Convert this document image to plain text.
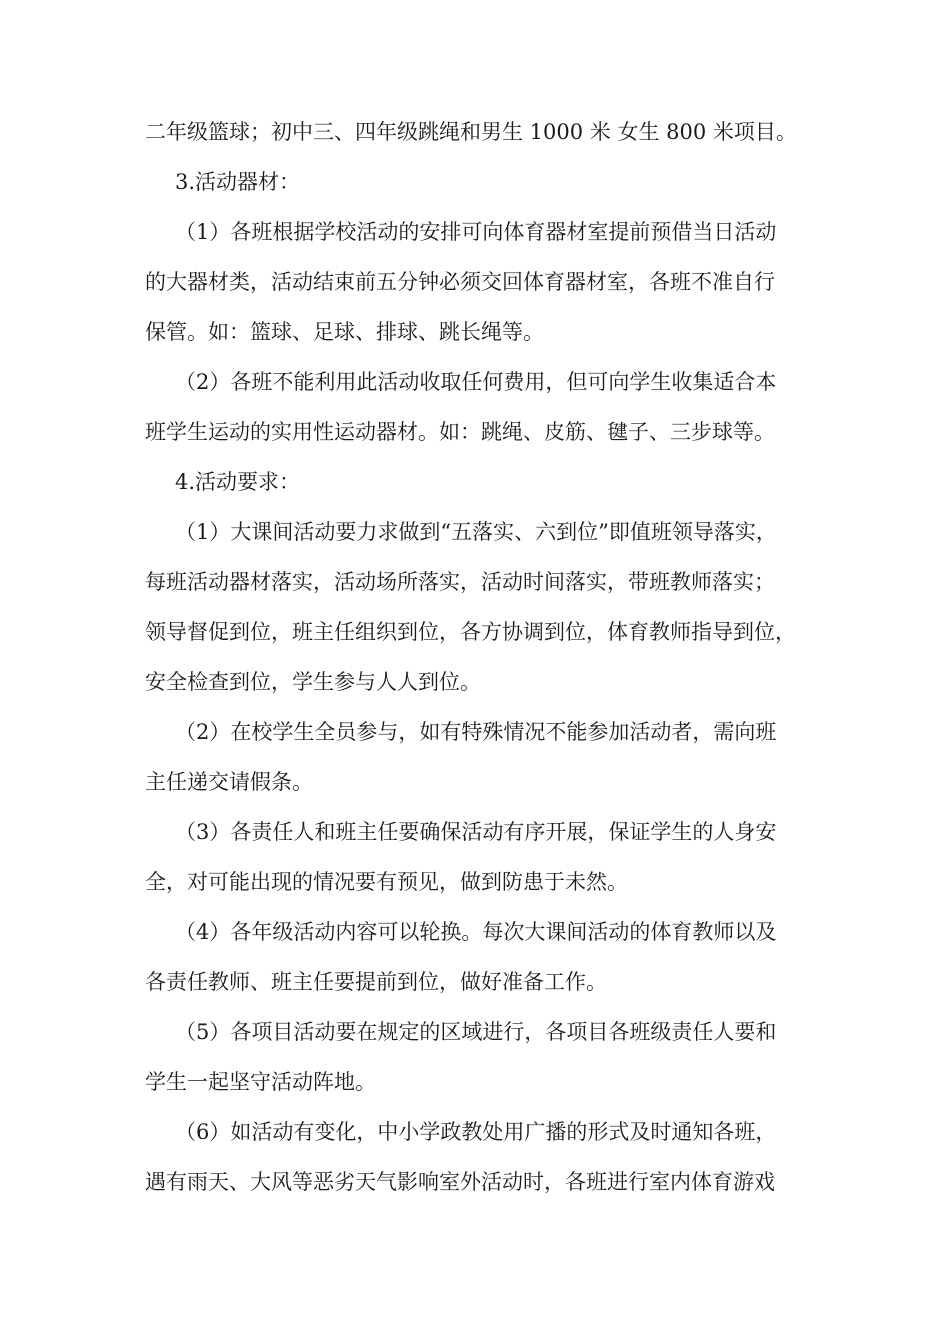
二年级篮球；初中三、四年级跳绳和男生 1000 米 女生 800 米项目。
3.活动器材：
（1）各班根据学校活动的安排可向体育器材室提前预借当日活动
的大器材类，活动结束前五分钟必须交回体育器材室，各班不准自行
保管。如：篮球、足球、排球、跳长绳等。
（2）各班不能利用此活动收取任何费用，但可向学生收集适合本
班学生运动的实用性运动器材。如：跳绳、皮筋、毽子、三步球等。
4.活动要求：
（1）大课间活动要力求做到“五落实、六到位”即值班领导落实，
每班活动器材落实，活动场所落实，活动时间落实，带班教师落实；
领导督促到位，班主任组织到位，各方协调到位，体育教师指导到位，
安全检查到位，学生参与人人到位。
（2）在校学生全员参与，如有特殊情况不能参加活动者，需向班
主任递交请假条。
（3）各责任人和班主任要确保活动有序开展，保证学生的人身安
全，对可能出现的情况要有预见，做到防患于未然。
（4）各年级活动内容可以轮换。每次大课间活动的体育教师以及
各责任教师、班主任要提前到位，做好准备工作。
（5）各项目活动要在规定的区域进行，各项目各班级责任人要和
学生一起坚守活动阵地。
（6）如活动有变化，中小学政教处用广播的形式及时通知各班，
遇有雨天、大风等恶劣天气影响室外活动时，各班进行室内体育游戏
